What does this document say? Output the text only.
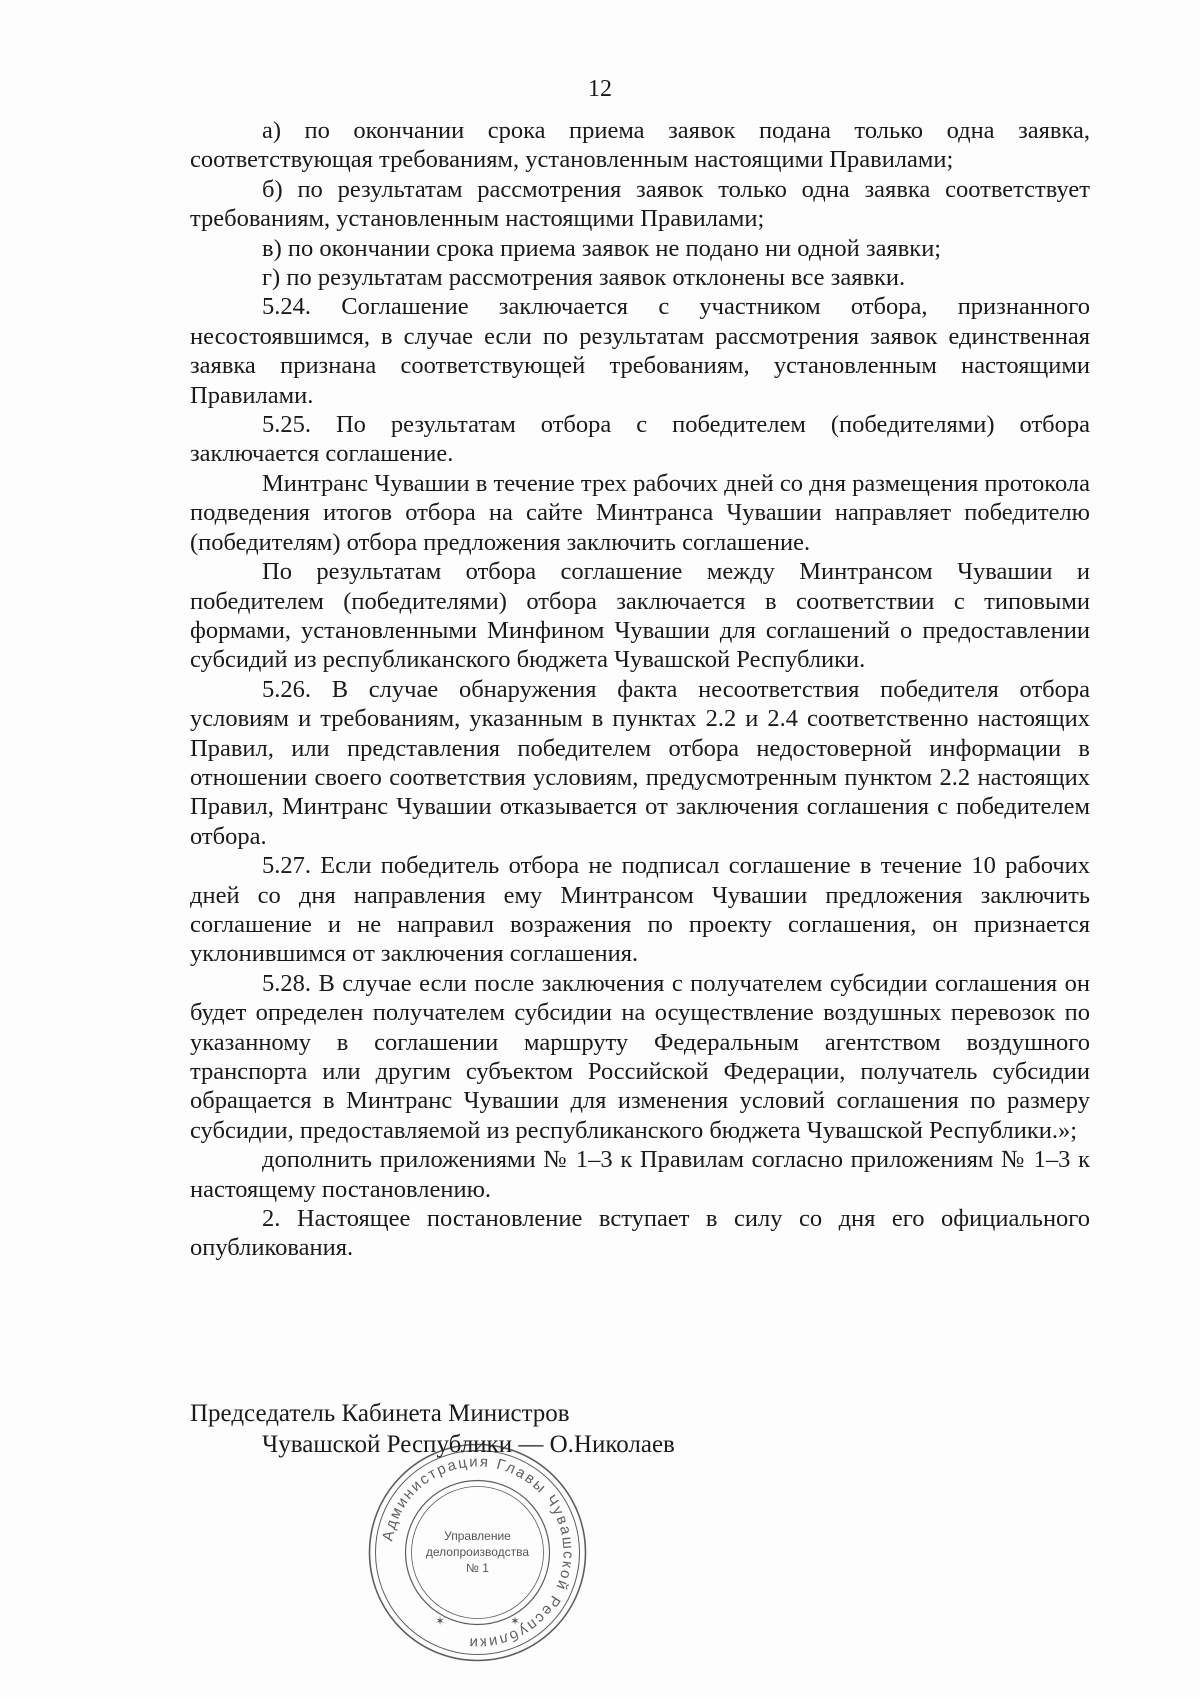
12

а) по окончании срока приема заявок подана только одна заявка, соответствующая требованиям, установленным настоящими Правилами;

б) по результатам рассмотрения заявок только одна заявка соответствует требованиям, установленным настоящими Правилами;

в) по окончании срока приема заявок не подано ни одной заявки;

г) по результатам рассмотрения заявок отклонены все заявки.

5.24. Соглашение заключается с участником отбора, признанного несостоявшимся, в случае если по результатам рассмотрения заявок единственная заявка признана соответствующей требованиям, установленным настоящими Правилами.

5.25. По результатам отбора с победителем (победителями) отбора заключается соглашение.

Минтранс Чувашии в течение трех рабочих дней со дня размещения протокола подведения итогов отбора на сайте Минтранса Чувашии направляет победителю (победителям) отбора предложения заключить соглашение.

По результатам отбора соглашение между Минтрансом Чувашии и победителем (победителями) отбора заключается в соответствии с типовыми формами, установленными Минфином Чувашии для соглашений о предоставлении субсидий из республиканского бюджета Чувашской Республики.

5.26. В случае обнаружения факта несоответствия победителя отбора условиям и требованиям, указанным в пунктах 2.2 и 2.4 соответственно настоящих Правил, или представления победителем отбора недостоверной информации в отношении своего соответствия условиям, предусмотренным пунктом 2.2 настоящих Правил, Минтранс Чувашии отказывается от заключения соглашения с победителем отбора.

5.27. Если победитель отбора не подписал соглашение в течение 10 рабочих дней со дня направления ему Минтрансом Чувашии предложения заключить соглашение и не направил возражения по проекту соглашения, он признается уклонившимся от заключения соглашения.

5.28. В случае если после заключения с получателем субсидии соглашения он будет определен получателем субсидии на осуществление воздушных перевозок по указанному в соглашении маршруту Федеральным агентством воздушного транспорта или другим субъектом Российской Федерации, получатель субсидии обращается в Минтранс Чувашии для изменения условий соглашения по размеру субсидии, предоставляемой из республиканского бюджета Чувашской Республики.»;

дополнить приложениями № 1–3 к Правилам согласно приложениям № 1–3 к настоящему постановлению.

2. Настоящее постановление вступает в силу со дня его официального опубликования.

Председатель Кабинета Министров
Чувашской Республики — О.Николаев
Администрация Главы Чувашской Республики
Управление
делопроизводства
№ 1
✶	✶
